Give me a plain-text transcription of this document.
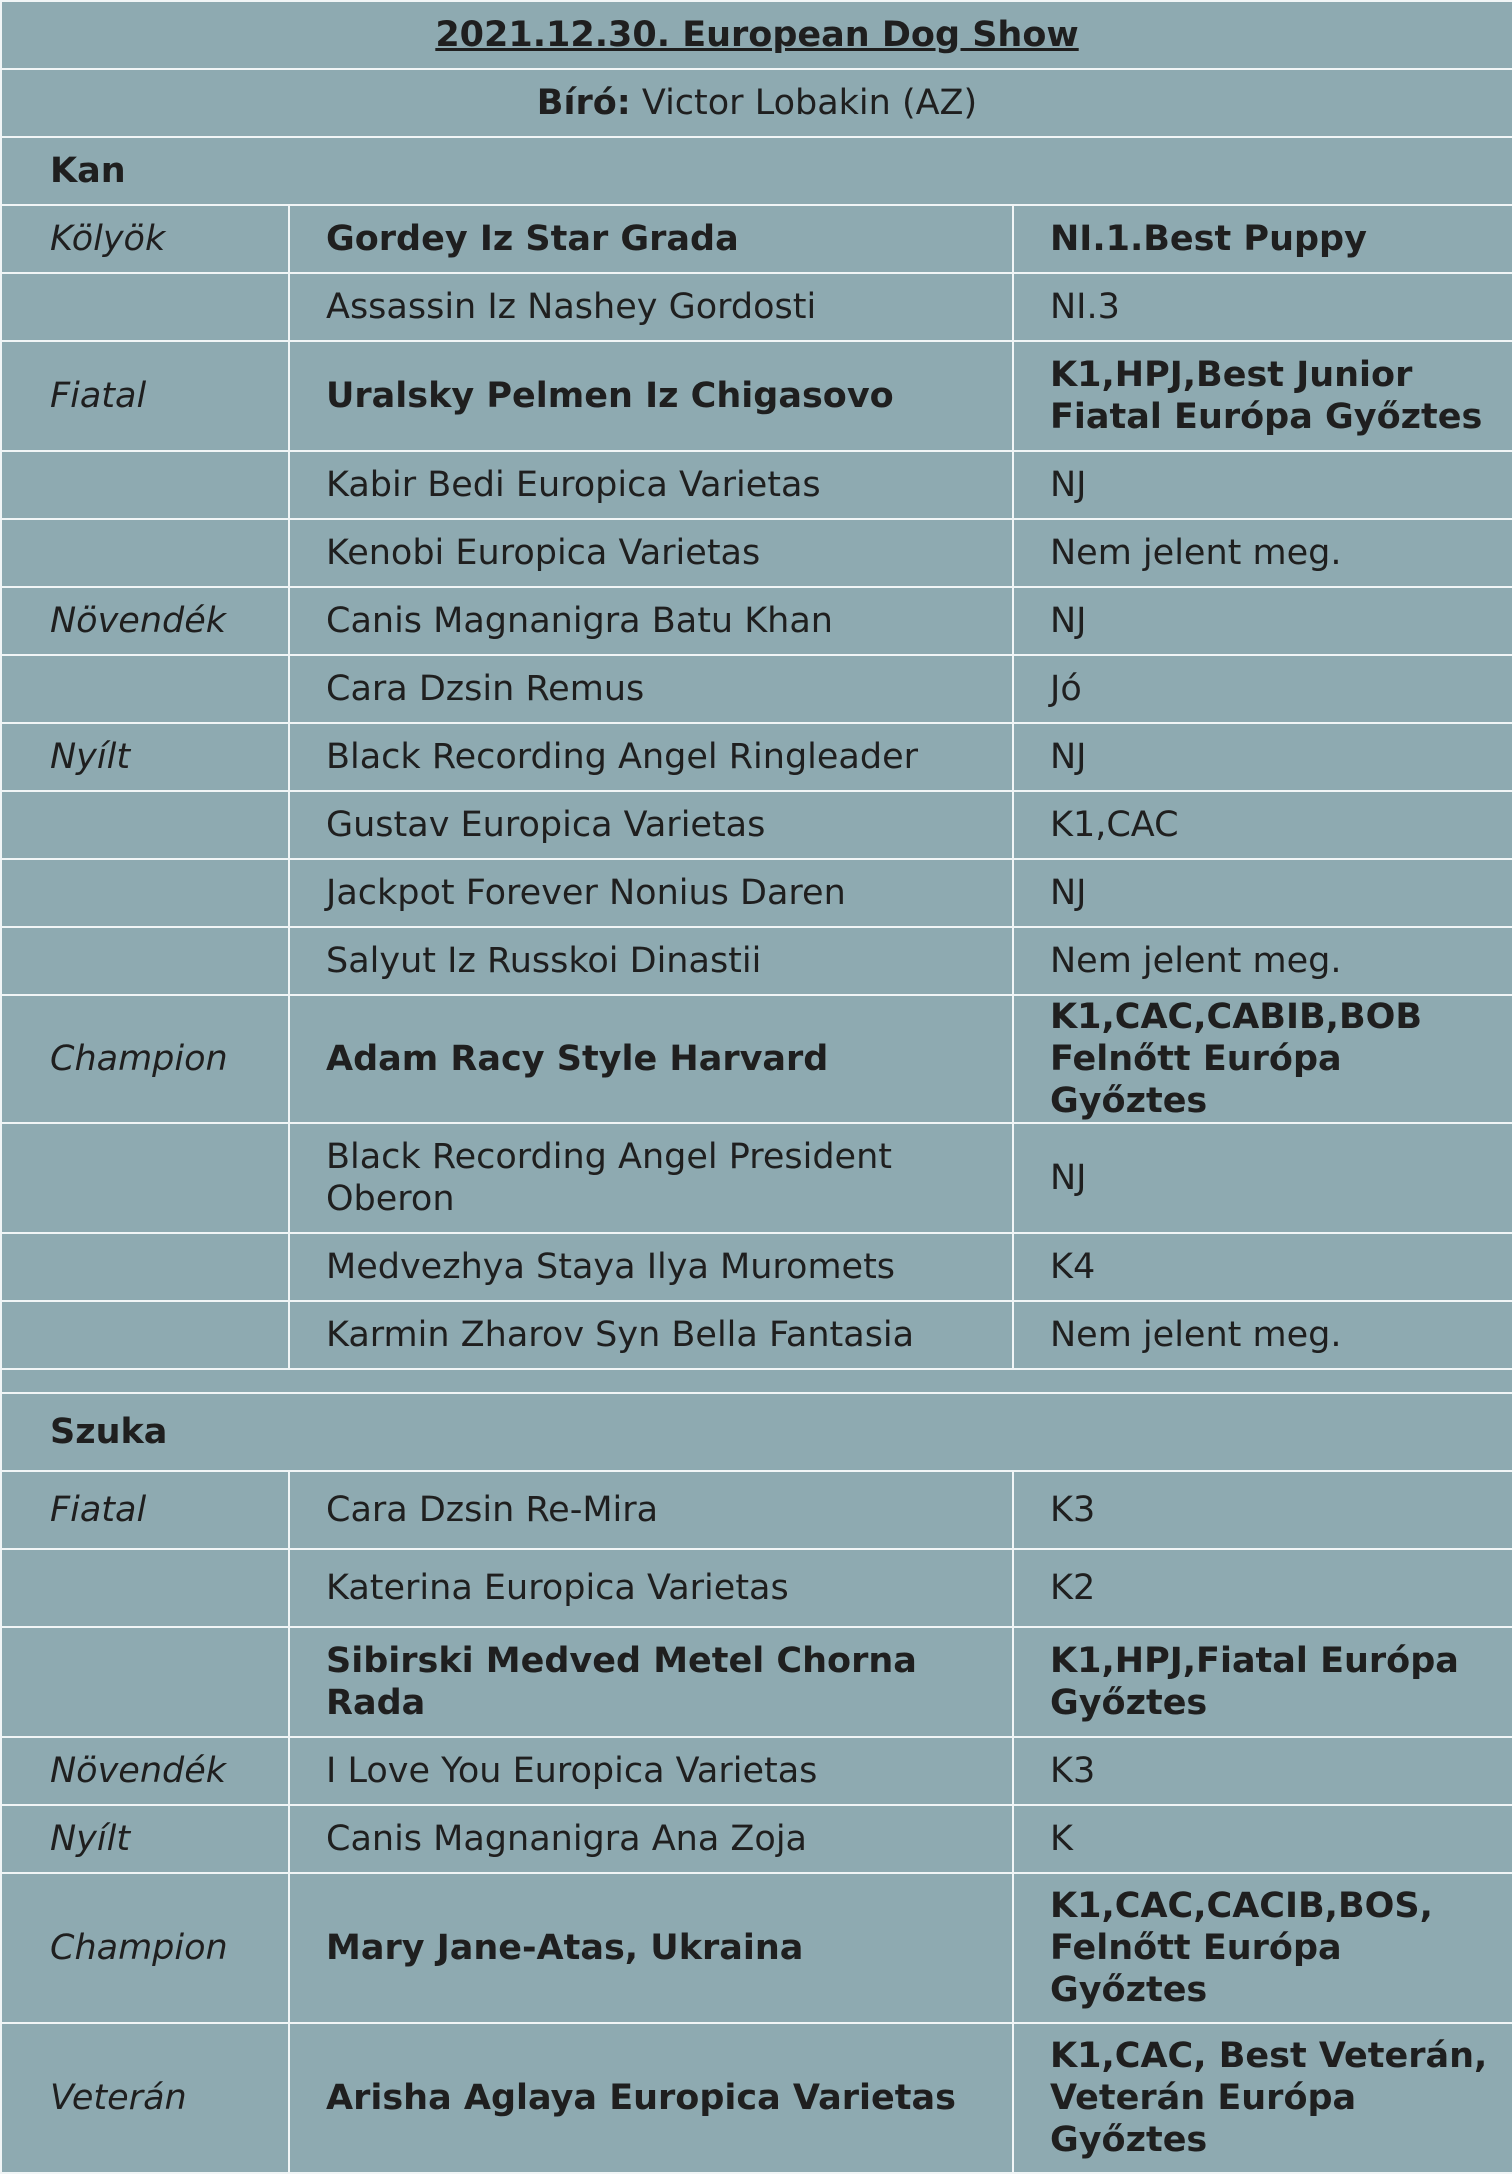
2021.12.30. European Dog Show		
Bíró: Victor Lobakin (AZ)		
Kan		
Kölyök	Gordey Iz Star Grada	NI.1.Best Puppy

	Assassin Iz Nashey Gordosti	NI.3

Fiatal	Uralsky Pelmen Iz Chigasovo	K1,HPJ,Best Junior
Fiatal Európa Győztes

	Kabir Bedi Europica Varietas	NJ

	Kenobi Europica Varietas	Nem jelent meg.

Növendék	Canis Magnanigra Batu Khan	NJ

	Cara Dzsin Remus	Jó

Nyílt	Black Recording Angel Ringleader	NJ

	Gustav Europica Varietas	K1,CAC

	Jackpot Forever Nonius Daren	NJ

	Salyut Iz Russkoi Dinastii	Nem jelent meg.

Champion	Adam Racy Style Harvard	K1,CAC,CABIB,BOB
Felnőtt Európa Győztes

	Black Recording Angel President Oberon	NJ

	Medvezhya Staya Ilya Muromets	K4

	Karmin Zharov Syn Bella Fantasia	Nem jelent meg.

Szuka		
Fiatal	Cara Dzsin Re-Mira	K3

	Katerina Europica Varietas	K2

	Sibirski Medved Metel Chorna Rada	K1,HPJ,Fiatal Európa
Győztes

Növendék	I Love You Europica Varietas	K3

Nyílt	Canis Magnanigra Ana Zoja	K

Champion	Mary Jane-Atas, Ukraina	K1,CAC,CACIB,BOS,
Felnőtt Európa
Győztes

Veterán	Arisha Aglaya Europica Varietas	K1,CAC, Best Veterán,
Veterán Európa
Győztes
